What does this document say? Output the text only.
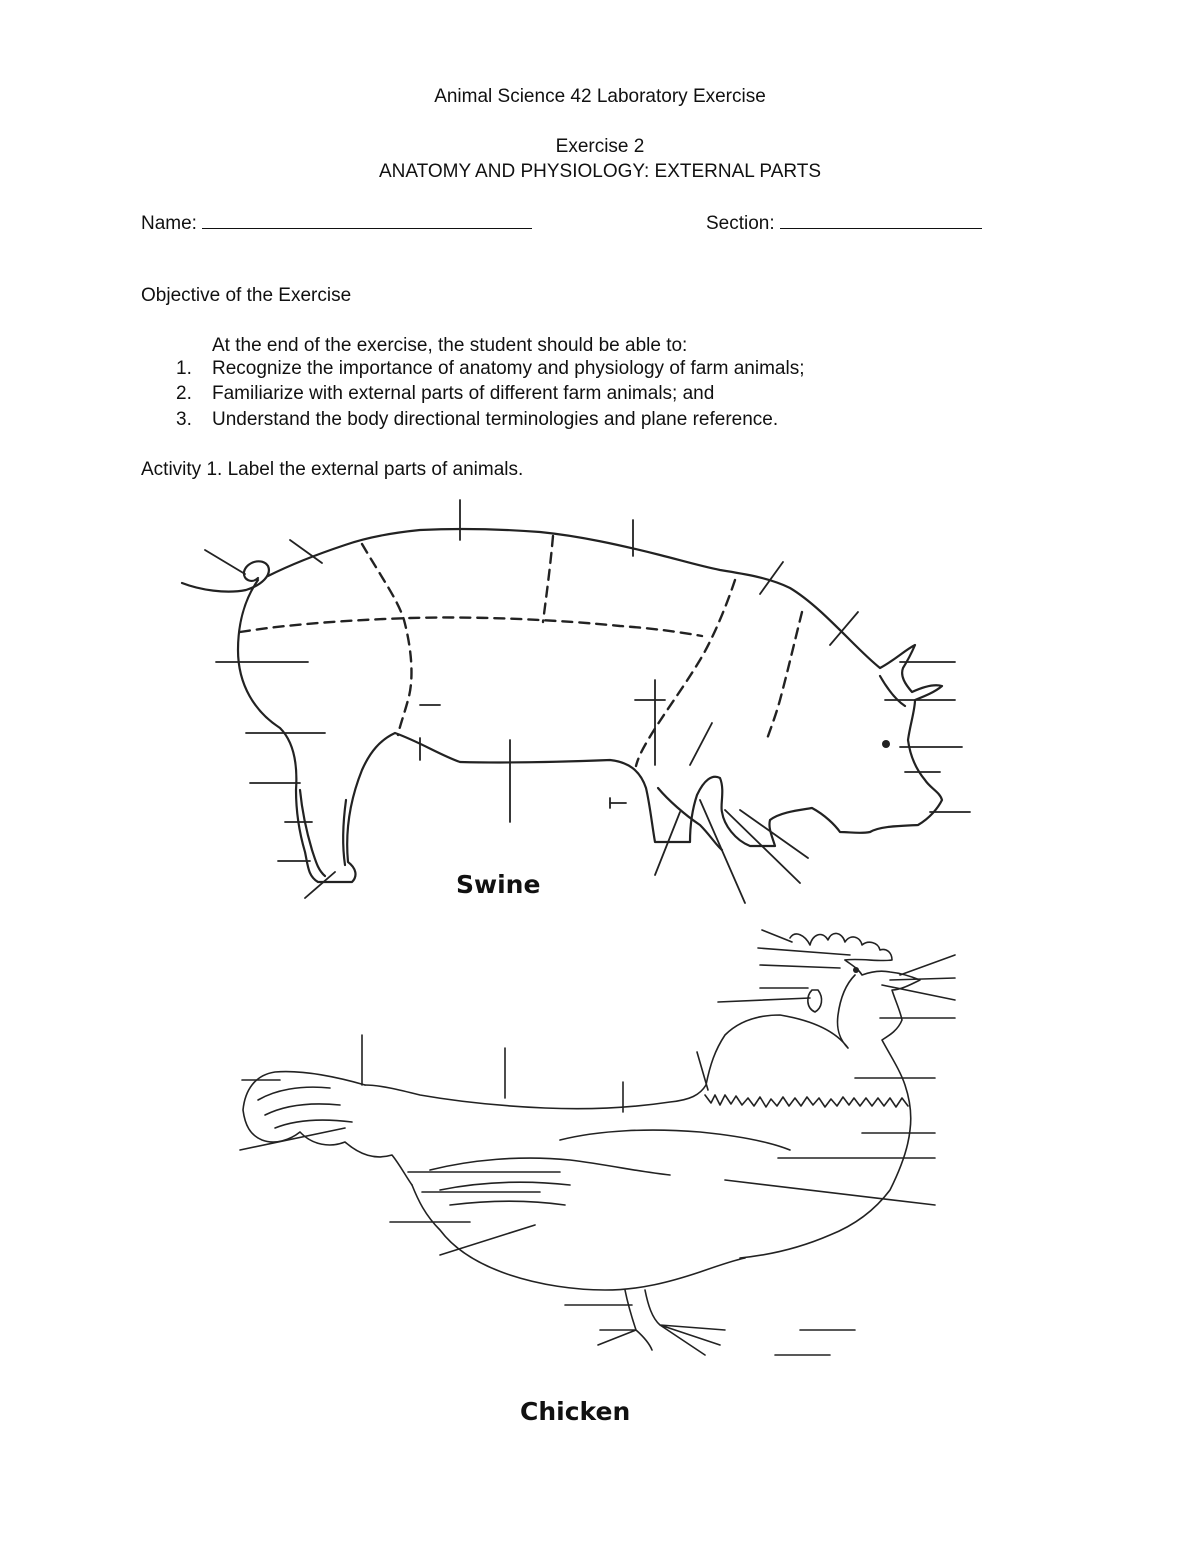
Animal Science 42 Laboratory Exercise
Exercise 2
ANATOMY AND PHYSIOLOGY: EXTERNAL PARTS
Name:	Section:
Objective of the Exercise
At the end of the exercise, the student should be able to:
1. Recognize the importance of anatomy and physiology of farm animals;
2. Familiarize with external parts of different farm animals; and
3. Understand the body directional terminologies and plane reference.
Activity 1. Label the external parts of animals.
Swine
Chicken
